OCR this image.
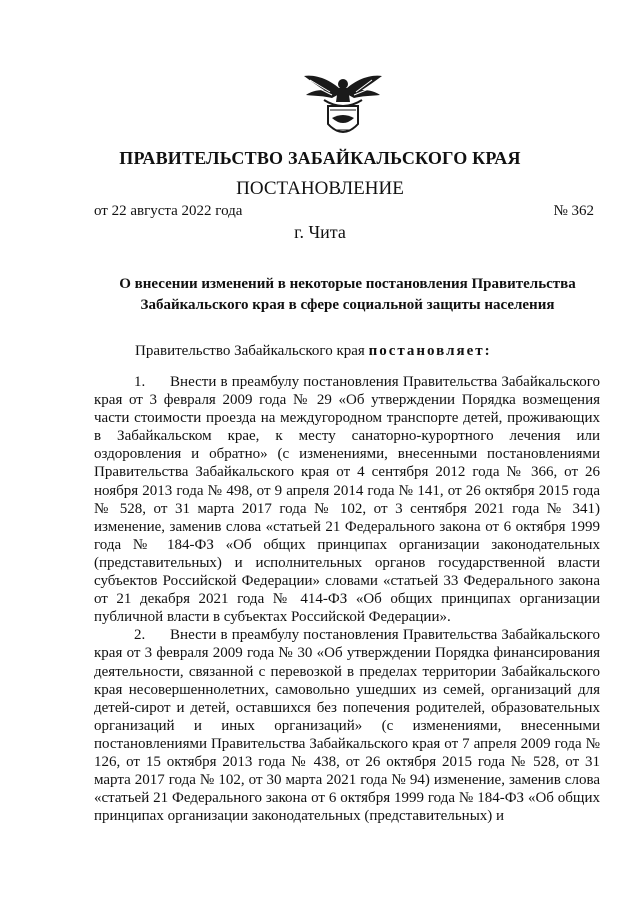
ПРАВИТЕЛЬСТВО ЗАБАЙКАЛЬСКОГО КРАЯ
ПОСТАНОВЛЕНИЕ
от 22 августа 2022 года	№ 362
г. Чита
О внесении изменений в некоторые постановления Правительства
Забайкальского края в сфере социальной защиты населения
Правительство Забайкальского края постановляет:

1.      Внести в преамбулу постановления Правительства Забайкальского края от 3 февраля 2009 года № 29 «Об утверждении Порядка возмещения части стоимости проезда на междугородном транспорте детей, проживающих в Забайкальском крае, к месту санаторно-курортного лечения или оздоровления и обратно» (с изменениями, внесенными постановлениями Правительства Забайкальского края от 4 сентября 2012 года № 366, от 26 ноября 2013 года № 498, от 9 апреля 2014 года № 141, от 26 октября 2015 года № 528, от 31 марта 2017 года № 102, от 3 сентября 2021 года № 341) изменение, заменив слова «статьей 21 Федерального закона от 6 октября 1999 года № 184-ФЗ «Об общих принципах организации законодательных (представительных) и исполнительных органов государственной власти субъектов Российской Федерации» словами «статьей 33 Федерального закона от 21 декабря 2021 года № 414-ФЗ «Об общих принципах организации публичной власти в субъектах Российской Федерации».

2.      Внести в преамбулу постановления Правительства Забайкальского края от 3 февраля 2009 года № 30 «Об утверждении Порядка финансирования деятельности, связанной с перевозкой в пределах территории Забайкальского края несовершеннолетних, самовольно ушедших из семей, организаций для детей-сирот и детей, оставшихся без попечения родителей, образовательных организаций и иных организаций» (с изменениями, внесенными постановлениями Правительства Забайкальского края от 7 апреля 2009 года № 126, от 15 октября 2013 года № 438, от 26 октября 2015 года № 528, от 31 марта 2017 года № 102, от 30 марта 2021 года № 94) изменение, заменив слова «статьей 21 Федерального закона от 6 октября 1999 года № 184-ФЗ «Об общих принципах организации законодательных (представительных) и
